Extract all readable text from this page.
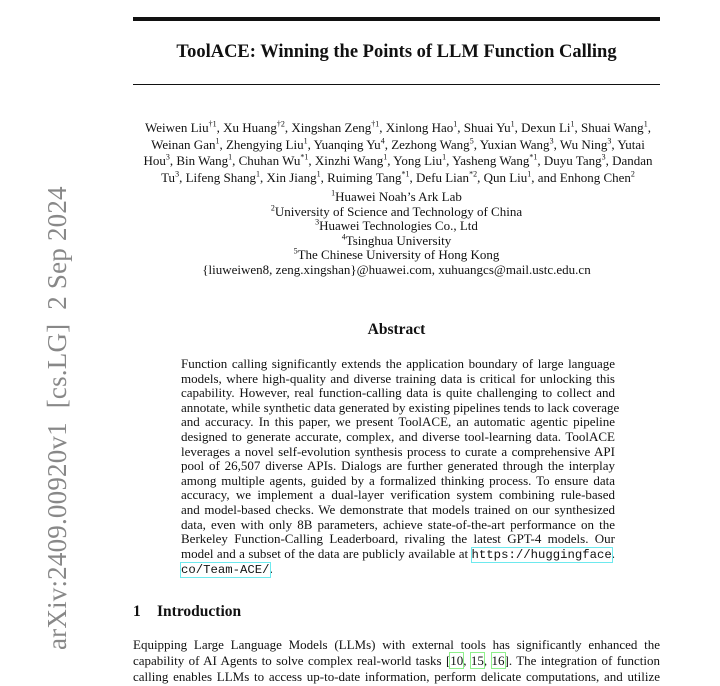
arXiv:2409.00920v1  [cs.LG]  2 Sep 2024
ToolACE: Winning the Points of LLM Function Calling
Weiwen Liu$^{\dagger 1}$, Xu Huang$^{\dagger 2}$, Xingshan Zeng$^{\dagger 1}$, Xinlong Hao$^1$, Shuai Yu$^1$, Dexun Li$^1$, Shuai Wang$^1$,
Weinan Gan$^1$, Zhengying Liu$^1$, Yuanqing Yu$^4$, Zezhong Wang$^5$, Yuxian Wang$^3$, Wu Ning$^3$, Yutai
Hou$^3$, Bin Wang$^1$, Chuhan Wu$^{*1}$, Xinzhi Wang$^1$, Yong Liu$^1$, Yasheng Wang$^{*1}$, Duyu Tang$^3$, Dandan
Tu$^3$, Lifeng Shang$^1$, Xin Jiang$^1$, Ruiming Tang$^{*1}$, Defu Lian$^{*2}$, Qun Liu$^1$, and Enhong Chen$^2$
$^1$Huawei Noah’s Ark Lab
$^2$University of Science and Technology of China
$^3$Huawei Technologies Co., Ltd
$^4$Tsinghua University
$^5$The Chinese University of Hong Kong
{liuweiwen8, zeng.xingshan}@huawei.com, xuhuangcs@mail.ustc.edu.cn
Abstract
Function calling significantly extends the application boundary of large language
models, where high-quality and diverse training data is critical for unlocking this
capability. However, real function-calling data is quite challenging to collect and
annotate, while synthetic data generated by existing pipelines tends to lack coverage
and accuracy. In this paper, we present ToolACE, an automatic agentic pipeline
designed to generate accurate, complex, and diverse tool-learning data. ToolACE
leverages a novel self-evolution synthesis process to curate a comprehensive API
pool of 26,507 diverse APIs. Dialogs are further generated through the interplay
among multiple agents, guided by a formalized thinking process. To ensure data
accuracy, we implement a dual-layer verification system combining rule-based
and model-based checks. We demonstrate that models trained on our synthesized
data, even with only 8B parameters, achieve state-of-the-art performance on the
Berkeley Function-Calling Leaderboard, rivaling the latest GPT-4 models. Our
model and a subset of the data are publicly available at https://huggingface.
co/Team-ACE/.
1 Introduction
Equipping Large Language Models (LLMs) with external tools has significantly enhanced the
capability of AI Agents to solve complex real-world tasks [10, 15, 16]. The integration of function
calling enables LLMs to access up-to-date information, perform delicate computations, and utilize
